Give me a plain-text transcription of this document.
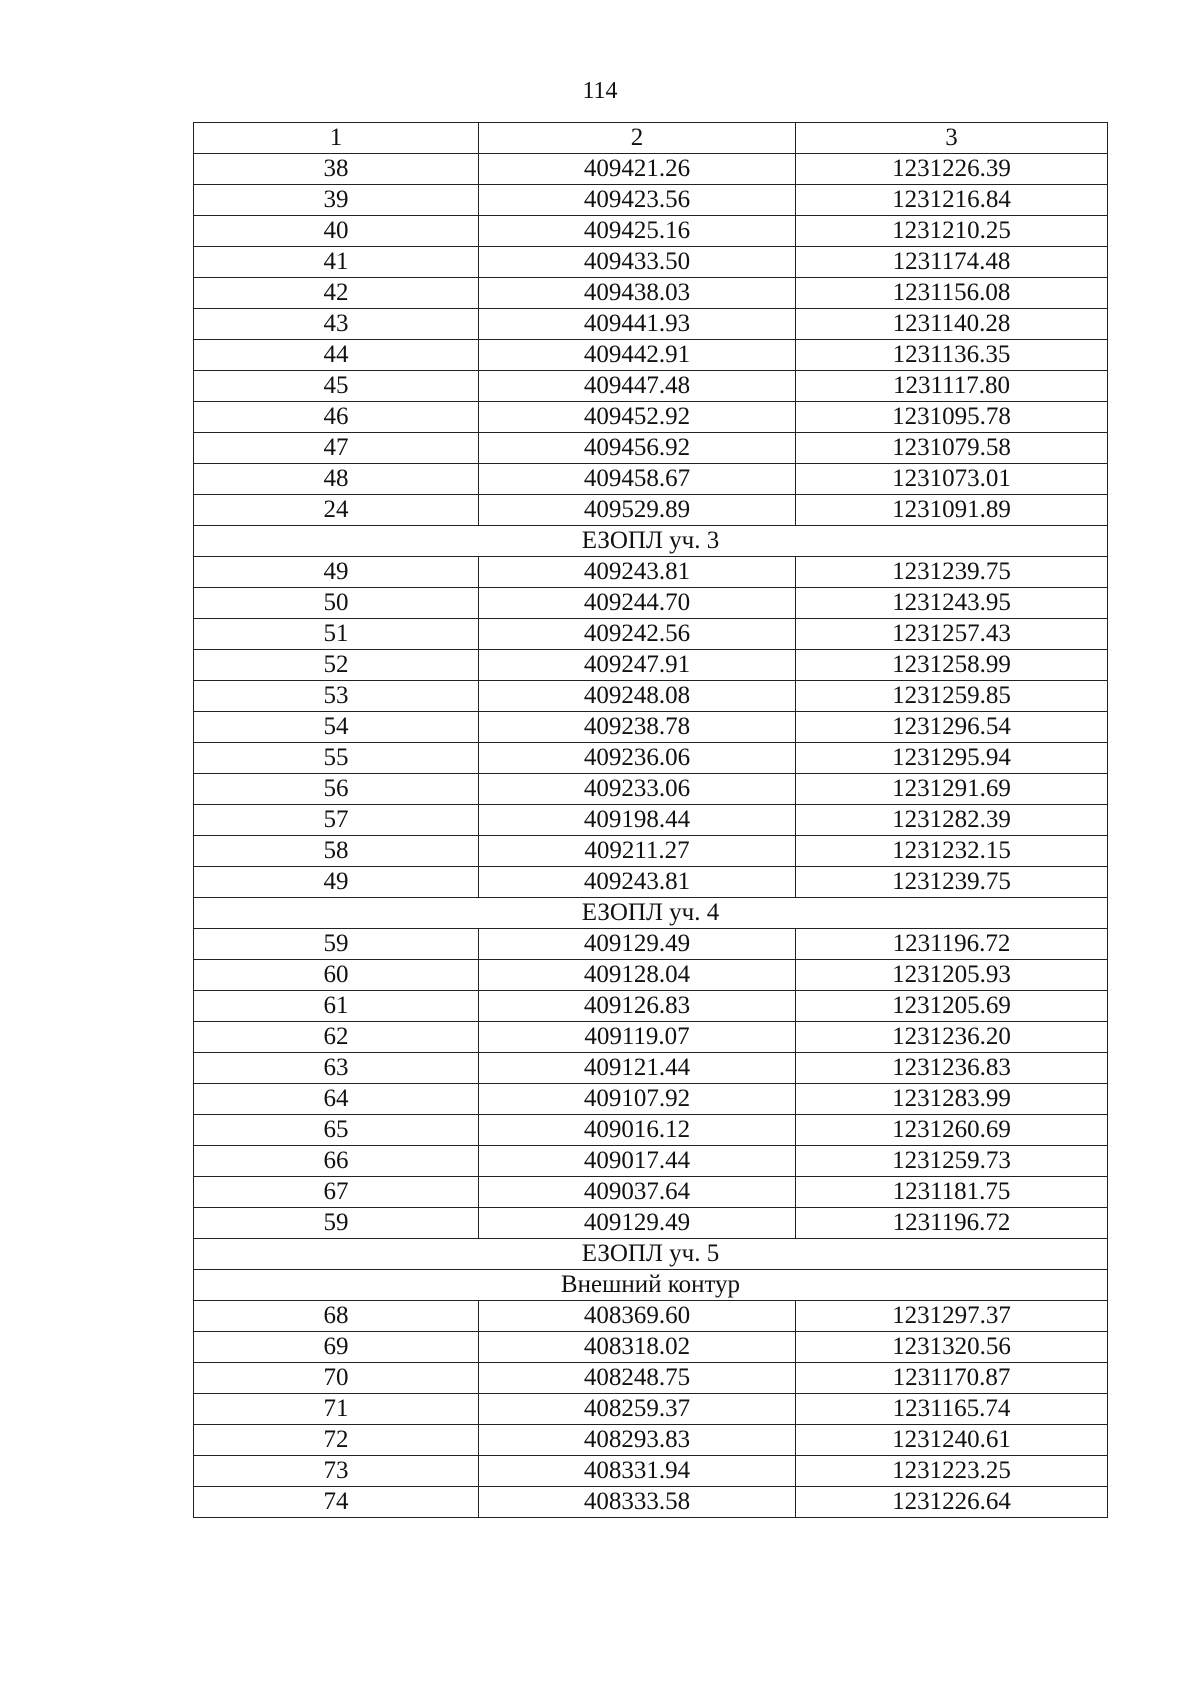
114
1	2	3
38	409421.26	1231226.39
39	409423.56	1231216.84
40	409425.16	1231210.25
41	409433.50	1231174.48
42	409438.03	1231156.08
43	409441.93	1231140.28
44	409442.91	1231136.35
45	409447.48	1231117.80
46	409452.92	1231095.78
47	409456.92	1231079.58
48	409458.67	1231073.01
24	409529.89	1231091.89
ЕЗОПЛ уч. 3		
49	409243.81	1231239.75
50	409244.70	1231243.95
51	409242.56	1231257.43
52	409247.91	1231258.99
53	409248.08	1231259.85
54	409238.78	1231296.54
55	409236.06	1231295.94
56	409233.06	1231291.69
57	409198.44	1231282.39
58	409211.27	1231232.15
49	409243.81	1231239.75
ЕЗОПЛ уч. 4		
59	409129.49	1231196.72
60	409128.04	1231205.93
61	409126.83	1231205.69
62	409119.07	1231236.20
63	409121.44	1231236.83
64	409107.92	1231283.99
65	409016.12	1231260.69
66	409017.44	1231259.73
67	409037.64	1231181.75
59	409129.49	1231196.72
ЕЗОПЛ уч. 5		
Внешний контур		
68	408369.60	1231297.37
69	408318.02	1231320.56
70	408248.75	1231170.87
71	408259.37	1231165.74
72	408293.83	1231240.61
73	408331.94	1231223.25
74	408333.58	1231226.64
